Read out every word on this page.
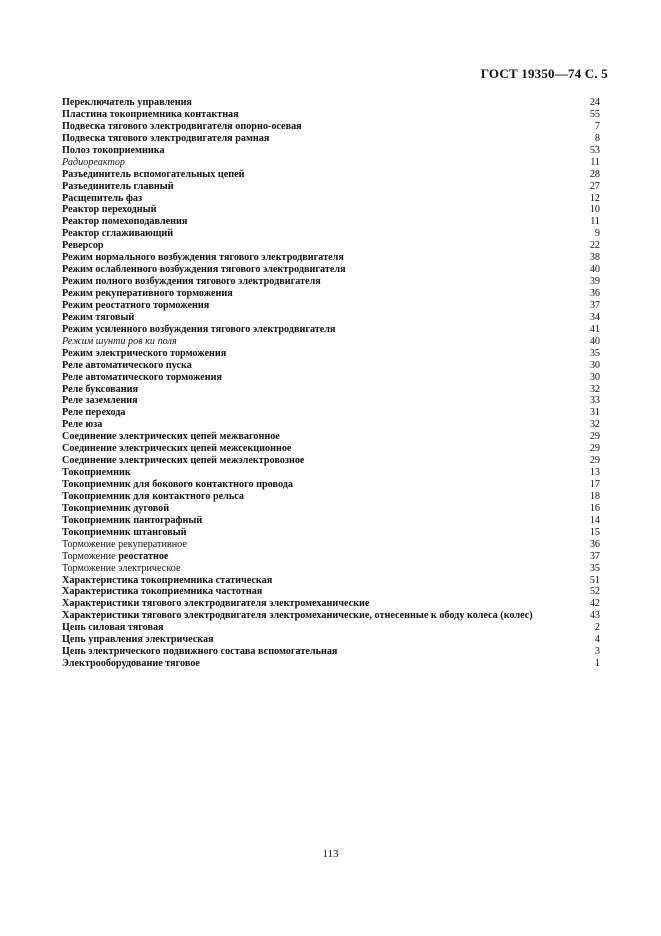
ГОСТ 19350—74 С. 5
Переключатель управления	24
Пластина токоприемника контактная	55
Подвеска тягового электродвигателя опорно-осевая	7
Подвеска тягового электродвигателя рамная	8
Полоз токоприемника	53
Радиореактор	11
Разъединитель вспомогательных цепей	28
Разъединитель главный	27
Расщепитель фаз	12
Реактор переходный	10
Реактор помехоподавления	11
Реактор сглаживающий	9
Реверсор	22
Режим нормального возбуждения тягового электродвигателя	38
Режим ослабленного возбуждения тягового электродвигателя	40
Режим полного возбуждения тягового электродвигателя	39
Режим рекуперативного торможения	36
Режим реостатного торможения	37
Режим тяговый	34
Режим усиленного возбуждения тягового электродвигателя	41
Режим шунти ров ки поля	40
Режим электрического торможения	35
Реле автоматического пуска	30
Реле автоматического торможения	30
Реле буксования	32
Реле заземления	33
Реле перехода	31
Реле юза	32
Соединение электрических цепей межвагонное	29
Соединение электрических цепей межсекционное	29
Соединение электрических цепей межэлектровозное	29
Токоприемник	13
Токоприемник для бокового контактного провода	17
Токоприемник для контактного рельса	18
Токоприемник дуговой	16
Токоприемник пантографный	14
Токоприемник штанговый	15
Торможение рекуперативное	36
Торможение реостатное	37
Торможение электрическое	35
Характеристика токоприемника статическая	51
Характеристика токоприемника частотная	52
Характеристики тягового электродвигателя электромеханические	42
Характеристики тягового электродвигателя электромеханические, отнесенные к ободу колеса (колес)	43
Цепь силовая тяговая	2
Цепь управления электрическая	4
Цепь электрического подвижного состава вспомогательная	3
Электрооборудование тяговое	1
113
